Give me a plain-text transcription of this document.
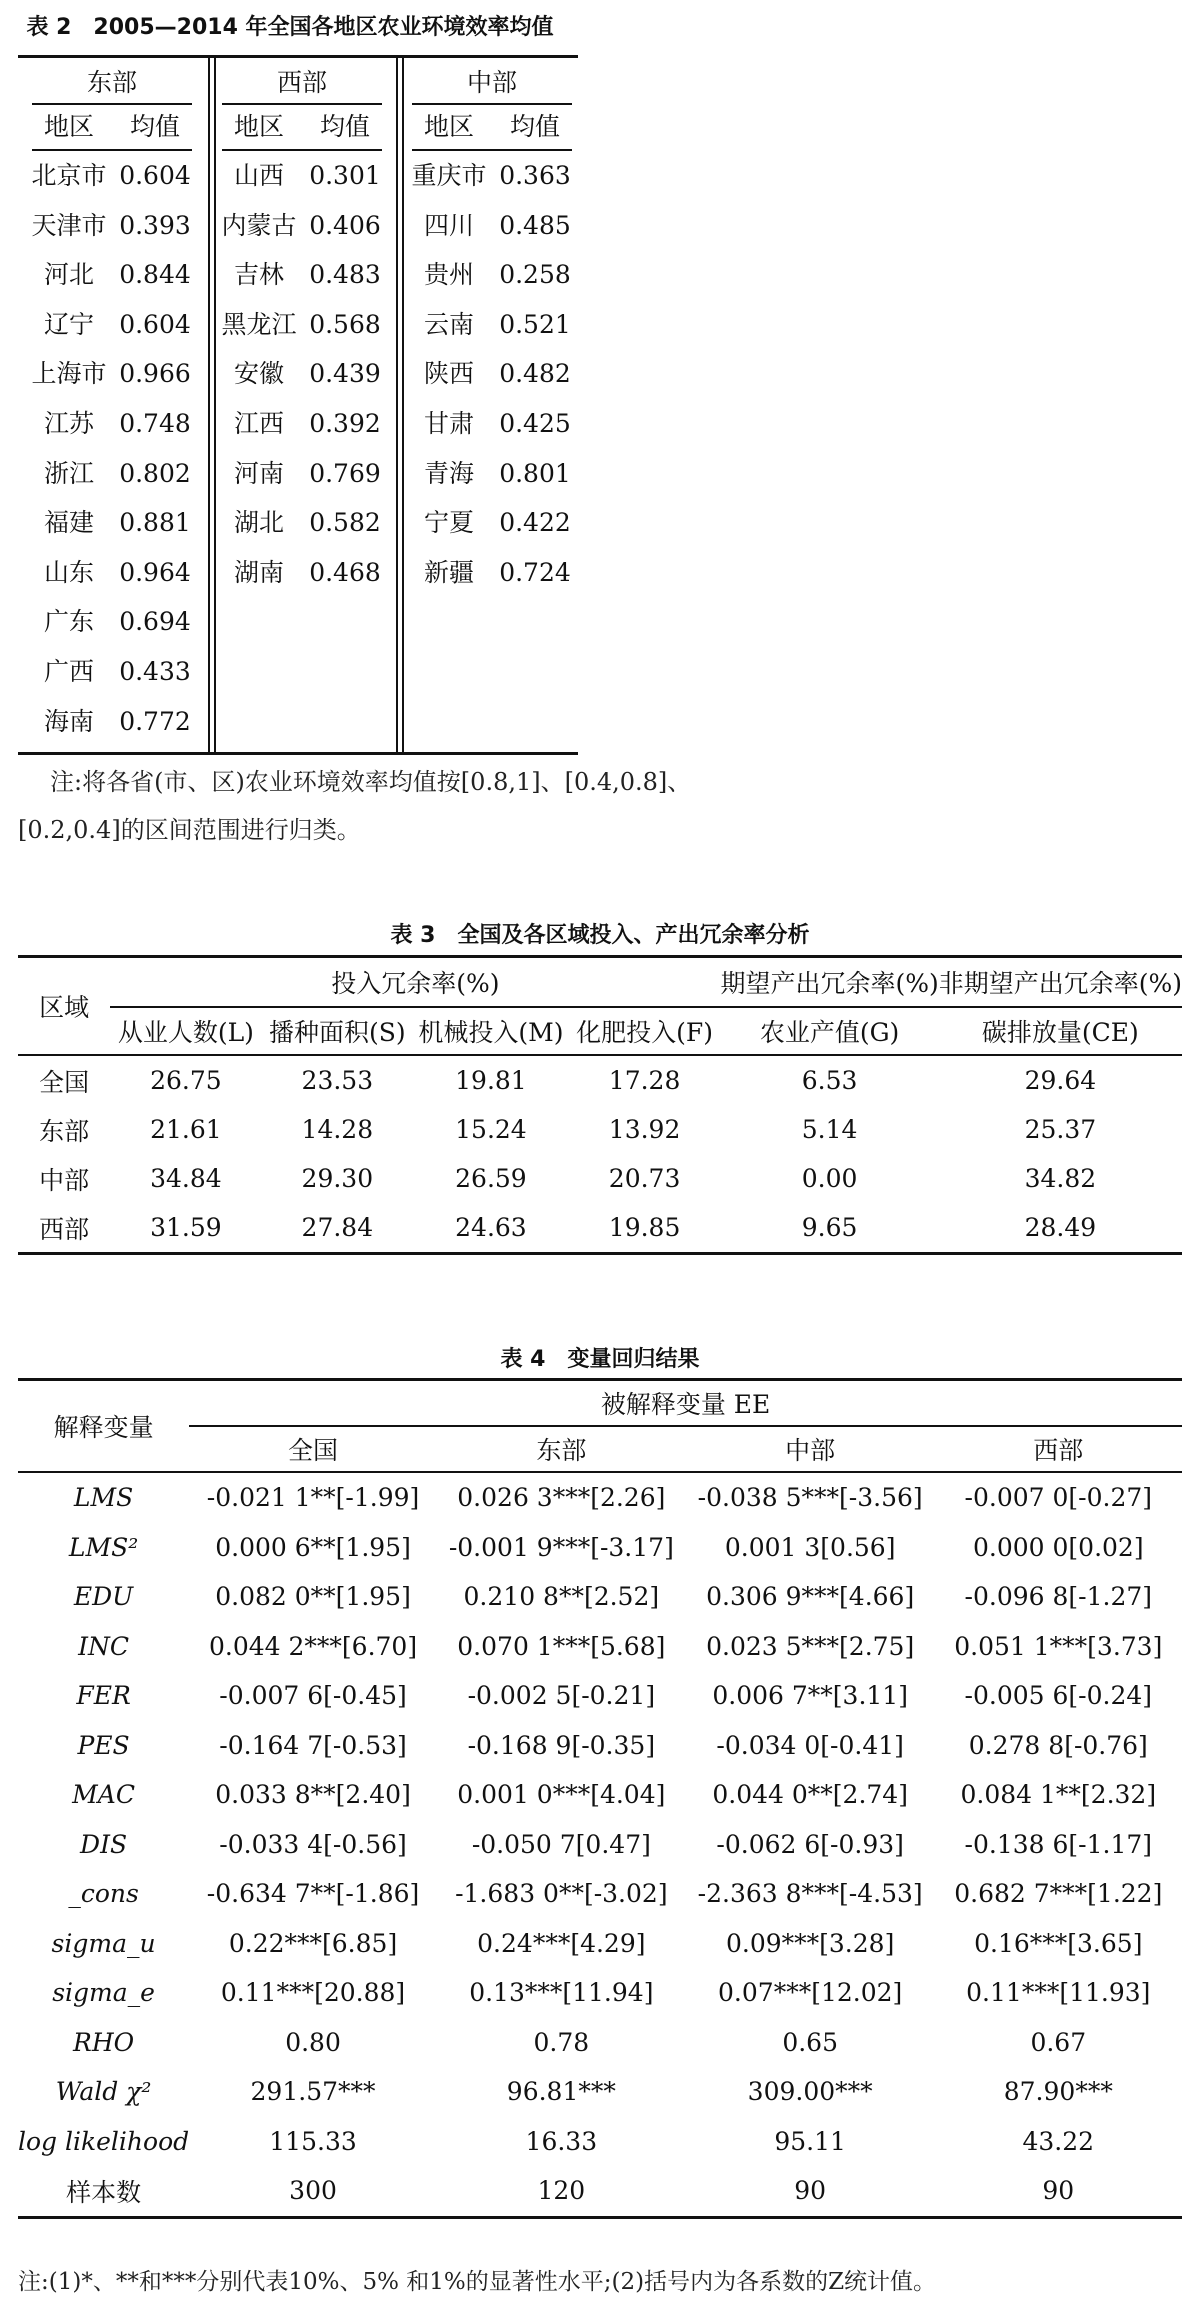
表 2　2005—2014 年全国各地区农业环境效率均值
东部
地区	均值
北京市 0.604
天津市 0.393
河北	0.844
辽宁	0.604
上海市 0.966
江苏	0.748
浙江	0.802
福建	0.881
山东	0.964
广东	0.694
广西	0.433
海南	0.772
西部
地区	均值
山西	0.301
内蒙古 0.406
吉林	0.483
黑龙江 0.568
安徽	0.439
江西	0.392
河南	0.769
湖北	0.582
湖南	0.468
中部
地区	均值
重庆市 0.363
四川	0.485
贵州	0.258
云南	0.521
陕西	0.482
甘肃	0.425
青海	0.801
宁夏	0.422
新疆	0.724

注:将各省(市、区)农业环境效率均值按[0.8,1]、[0.4,0.8]、

[0.2,0.4]的区间范围进行归类。

表 3　全国及各区域投入、产出冗余率分析
区域	投入冗余率(%)				期望产出冗余率(%)	非期望产出冗余率(%)
	从业人数(L)	播种面积(S)	机械投入(M)	化肥投入(F)	农业产值(G)	碳排放量(CE)
全国	26.75	23.53	19.81	17.28	6.53	29.64
东部	21.61	14.28	15.24	13.92	5.14	25.37
中部	34.84	29.30	26.59	20.73	0.00	34.82
西部	31.59	27.84	24.63	19.85	9.65	28.49
表 4　变量回归结果
解释变量	被解释变量 EE			
	全国	东部	中部	西部
LMS	-0.021 1**[-1.99]	0.026 3***[2.26]	-0.038 5***[-3.56]	-0.007 0[-0.27]
LMS²	0.000 6**[1.95]	-0.001 9***[-3.17]	0.001 3[0.56]	0.000 0[0.02]
EDU	0.082 0**[1.95]	0.210 8**[2.52]	0.306 9***[4.66]	-0.096 8[-1.27]
INC	0.044 2***[6.70]	0.070 1***[5.68]	0.023 5***[2.75]	0.051 1***[3.73]
FER	-0.007 6[-0.45]	-0.002 5[-0.21]	0.006 7**[3.11]	-0.005 6[-0.24]
PES	-0.164 7[-0.53]	-0.168 9[-0.35]	-0.034 0[-0.41]	0.278 8[-0.76]
MAC	0.033 8**[2.40]	0.001 0***[4.04]	0.044 0**[2.74]	0.084 1**[2.32]
DIS	-0.033 4[-0.56]	-0.050 7[0.47]	-0.062 6[-0.93]	-0.138 6[-1.17]
_cons	-0.634 7**[-1.86]	-1.683 0**[-3.02]	-2.363 8***[-4.53]	0.682 7***[1.22]
sigma_u	0.22***[6.85]	0.24***[4.29]	0.09***[3.28]	0.16***[3.65]
sigma_e	0.11***[20.88]	0.13***[11.94]	0.07***[12.02]	0.11***[11.93]
RHO	0.80	0.78	0.65	0.67
Wald χ²	291.57***	96.81***	309.00***	87.90***
log likelihood	115.33	16.33	95.11	43.22
样本数	300	120	90	90
注:(1)*、**和***分别代表10%、5% 和1%的显著性水平;(2)括号内为各系数的Z统计值。
